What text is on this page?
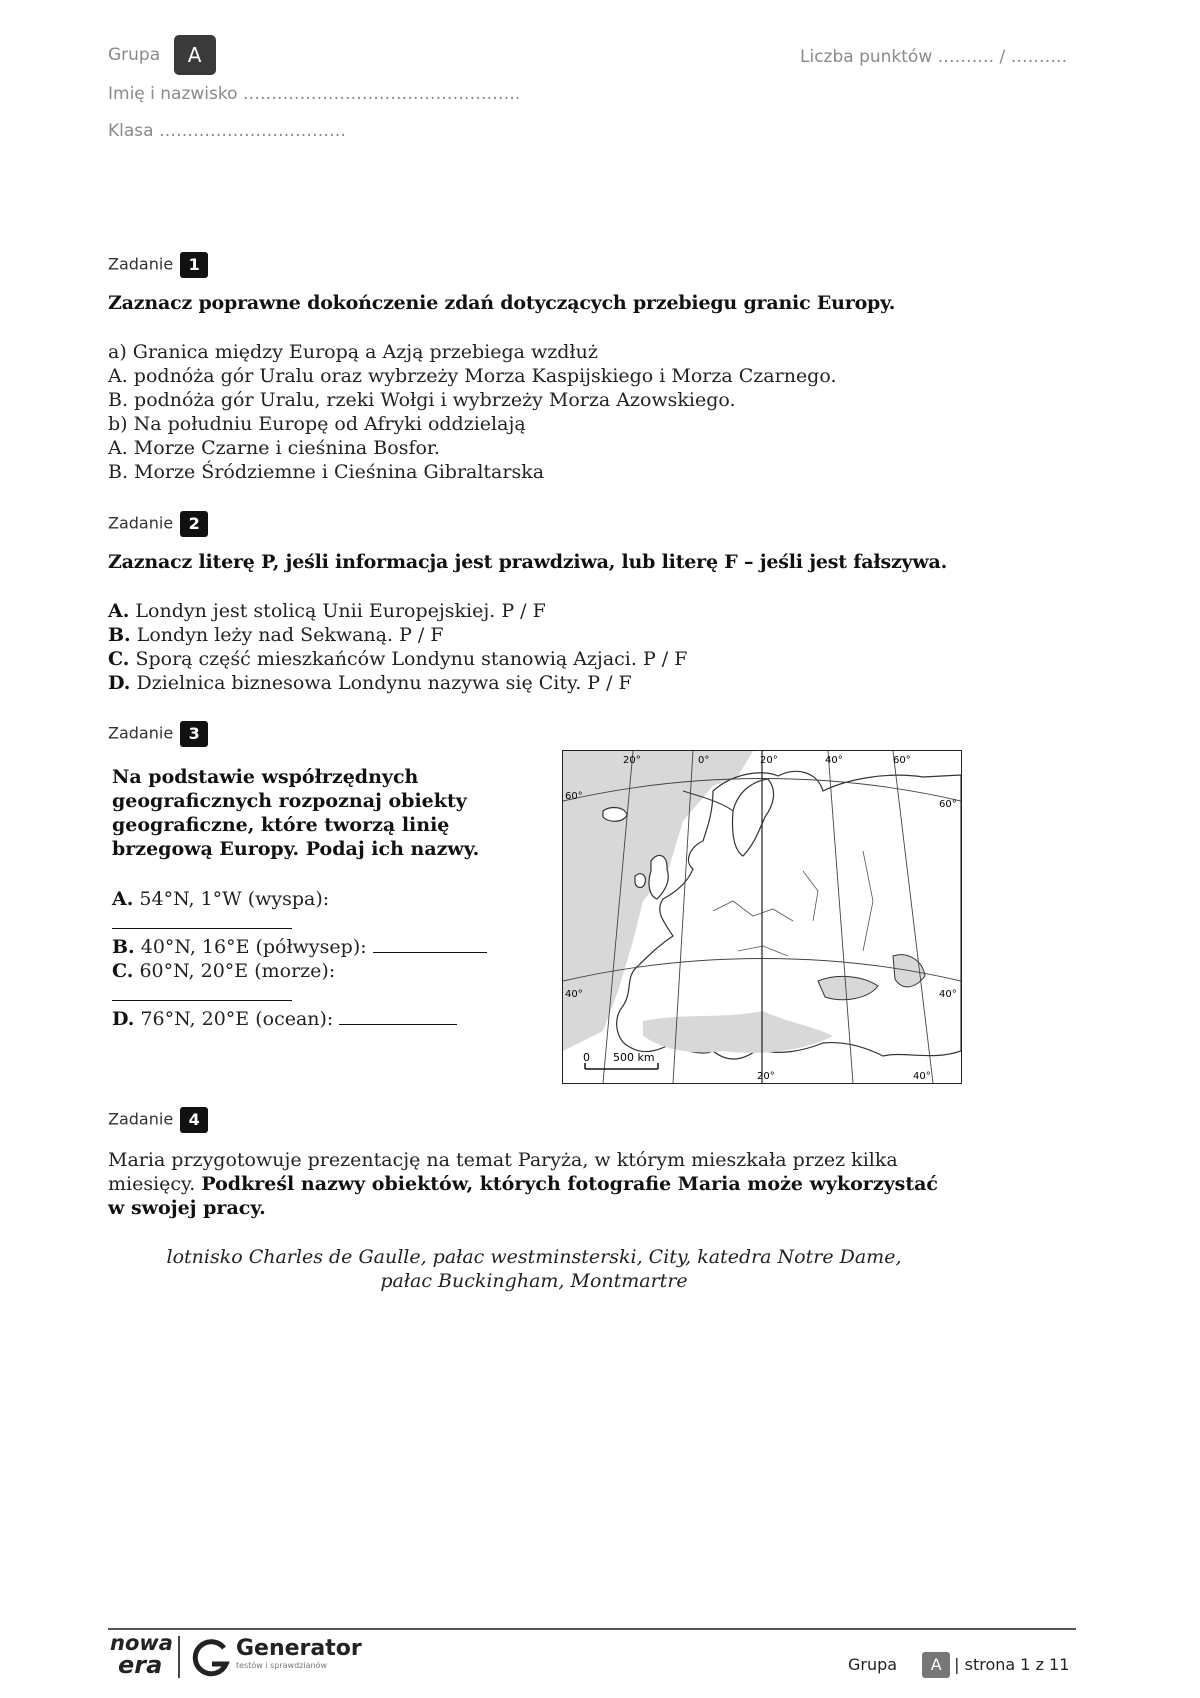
Grupa A	Liczba punktów ………. / ……….
Imię i nazwisko ………………………………………….
Klasa ……………………………
Zadanie 1
Zaznacz poprawne dokończenie zdań dotyczących przebiegu granic Europy.
a) Granica między Europą a Azją przebiega wzdłuż
A. podnóża gór Uralu oraz wybrzeży Morza Kaspijskiego i Morza Czarnego.
B. podnóża gór Uralu, rzeki Wołgi i wybrzeży Morza Azowskiego.
b) Na południu Europę od Afryki oddzielają
A. Morze Czarne i cieśnina Bosfor.
B. Morze Śródziemne i Cieśnina Gibraltarska
Zadanie 2
Zaznacz literę P, jeśli informacja jest prawdziwa, lub literę F – jeśli jest fałszywa.
A. Londyn jest stolicą Unii Europejskiej. P / F
B. Londyn leży nad Sekwaną. P / F
C. Sporą część mieszkańców Londynu stanowią Azjaci. P / F
D. Dzielnica biznesowa Londynu nazywa się City. P / F
Zadanie 3
Na podstawie współrzędnych
geograficznych rozpoznaj obiekty
geograficzne, które tworzą linię
brzegową Europy. Podaj ich nazwy.
A. 54°N, 1°W (wyspa):
B. 40°N, 16°E (półwysep):
C. 60°N, 20°E (morze):
D. 76°N, 20°E (ocean):
20°	0°	20°	40°	60°
60°
40°
60°
40°
20°	40°
0 500 km
Zadanie 4
Maria przygotowuje prezentację na temat Paryża, w którym mieszkała przez kilka
miesięcy. Podkreśl nazwy obiektów, których fotografie Maria może wykorzystać
w swojej pracy.
lotnisko Charles de Gaulle, pałac westminsterski, City, katedra Notre Dame,
pałac Buckingham, Montmartre
nowa
era
Generator
testów i sprawdzianów	Grupa A | strona 1 z 11
